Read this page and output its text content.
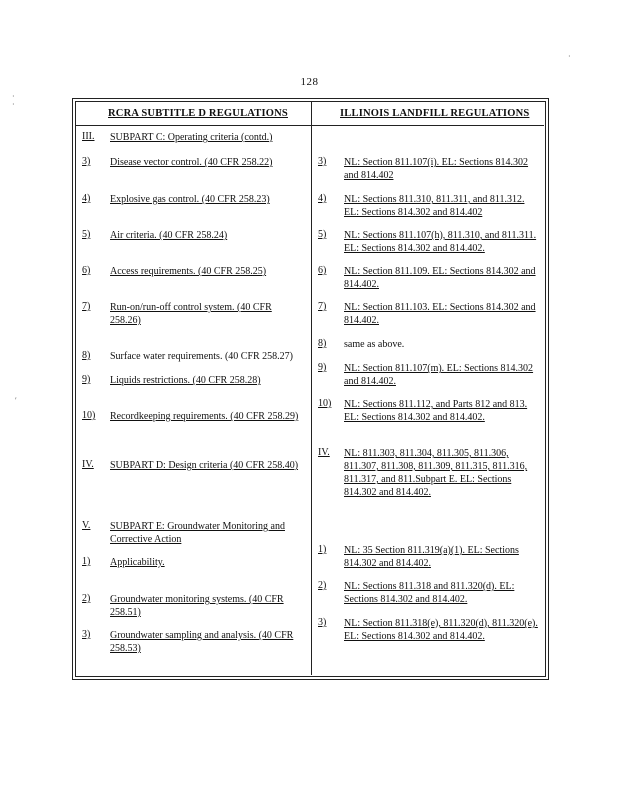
128
RCRA SUBTITLE D REGULATIONS	ILLINOIS LANDFILL REGULATIONS
III. SUBPART C: Operating criteria (contd.)
3) Disease vector control. (40 CFR 258.22)
4) Explosive gas control. (40 CFR 258.23)
5) Air criteria. (40 CFR 258.24)
6) Access requirements. (40 CFR 258.25)
7) Run-on/run-off control system. (40 CFR 258.26)
8) Surface water requirements. (40 CFR 258.27)
9) Liquids restrictions. (40 CFR 258.28)
10) Recordkeeping requirements. (40 CFR 258.29)
IV. SUBPART D: Design criteria (40 CFR 258.40)
V. SUBPART E: Groundwater Monitoring and Corrective Action
1) Applicability.
2) Groundwater monitoring systems. (40 CFR 258.51)
3) Groundwater sampling and analysis. (40 CFR 258.53)
3) NL: Section 811.107(i). EL: Sections 814.302 and 814.402
4) NL: Sections 811.310, 811.311, and 811.312. EL: Sections 814.302 and 814.402
5) NL: Sections 811.107(h), 811.310, and 811.311. EL: Sections 814.302 and 814.402.
6) NL: Section 811.109. EL: Sections 814.302 and 814.402.
7) NL: Section 811.103. EL: Sections 814.302 and 814.402.
8) same as above.
9) NL: Section 811.107(m). EL: Sections 814.302 and 814.402.
10) NL: Sections 811.112, and Parts 812 and 813. EL: Sections 814.302 and 814.402.
IV. NL: 811.303, 811.304, 811.305, 811.306, 811.307, 811.308, 811.309, 811.315, 811.316, 811.317, and 811.Subpart E. EL: Sections 814.302 and 814.402.
1) NL: 35 Section 811.319(a)(1). EL: Sections 814.302 and 814.402.
2) NL: Sections 811.318 and 811.320(d). EL: Sections 814.302 and 814.402.
3) NL: Section 811.318(e), 811.320(d), 811.320(e). EL: Sections 814.302 and 814.402.
·
·
′
·
